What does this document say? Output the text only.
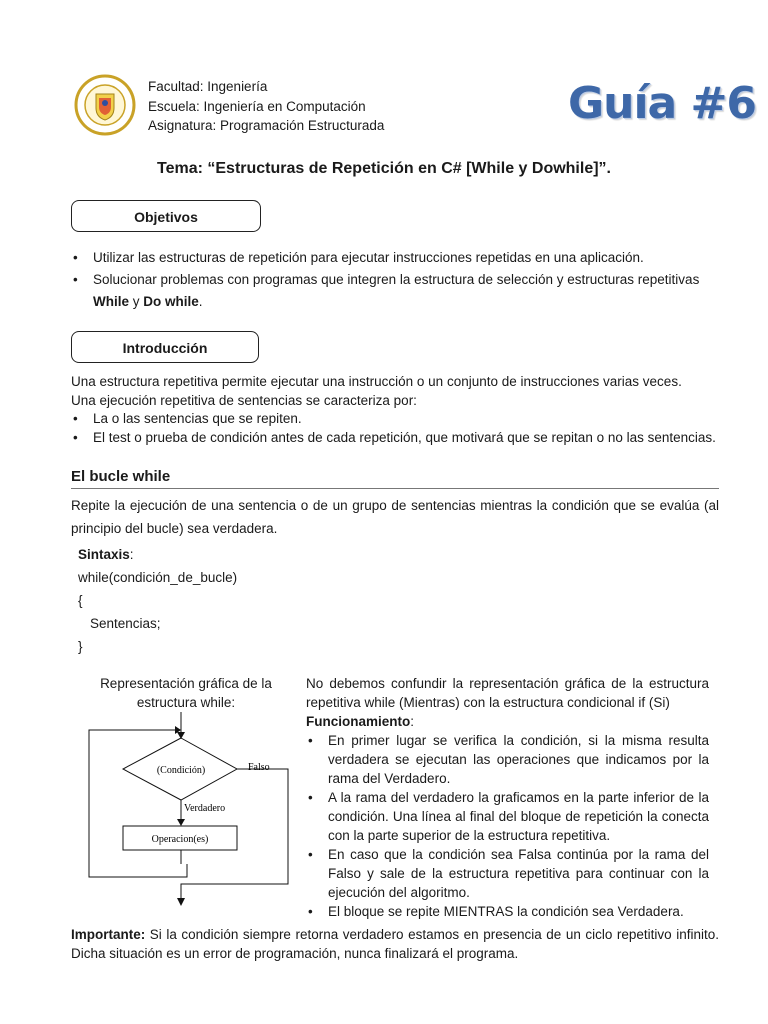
Facultad: Ingeniería
Escuela: Ingeniería en Computación
Asignatura: Programación Estructurada	Guía #6
Tema: “Estructuras de Repetición en C# [While y Dowhile]”.
Objetivos
• Utilizar las estructuras de repetición para ejecutar instrucciones repetidas en una aplicación.
• Solucionar problemas con programas que integren la estructura de selección y estructuras repetitivas
While y Do while.
Introducción
Una estructura repetitiva permite ejecutar una instrucción o un conjunto de instrucciones varias veces.
Una ejecución repetitiva de sentencias se caracteriza por:
• La o las sentencias que se repiten.
• El test o prueba de condición antes de cada repetición, que motivará que se repitan o no las sentencias.
El bucle while
Repite la ejecución de una sentencia o de un grupo de sentencias mientras la condición que se evalúa (al principio del bucle) sea verdadera.
Sintaxis:
while(condición_de_bucle)
{
Sentencias;
}
Representación gráfica de la estructura while:
(Condición)	Falso
Verdadero
Operacion(es)
No debemos confundir la representación gráfica de la estructura repetitiva while (Mientras) con la estructura condicional if (Si)
Funcionamiento:
• En primer lugar se verifica la condición, si la misma resulta verdadera se ejecutan las operaciones que indicamos por la rama del Verdadero.
• A la rama del verdadero la graficamos en la parte inferior de la condición. Una línea al final del bloque de repetición la conecta con la parte superior de la estructura repetitiva.
• En caso que la condición sea Falsa continúa por la rama del Falso y sale de la estructura repetitiva para continuar con la ejecución del algoritmo.
• El bloque se repite MIENTRAS la condición sea Verdadera.
Importante: Si la condición siempre retorna verdadero estamos en presencia de un ciclo repetitivo infinito. Dicha situación es un error de programación, nunca finalizará el programa.
